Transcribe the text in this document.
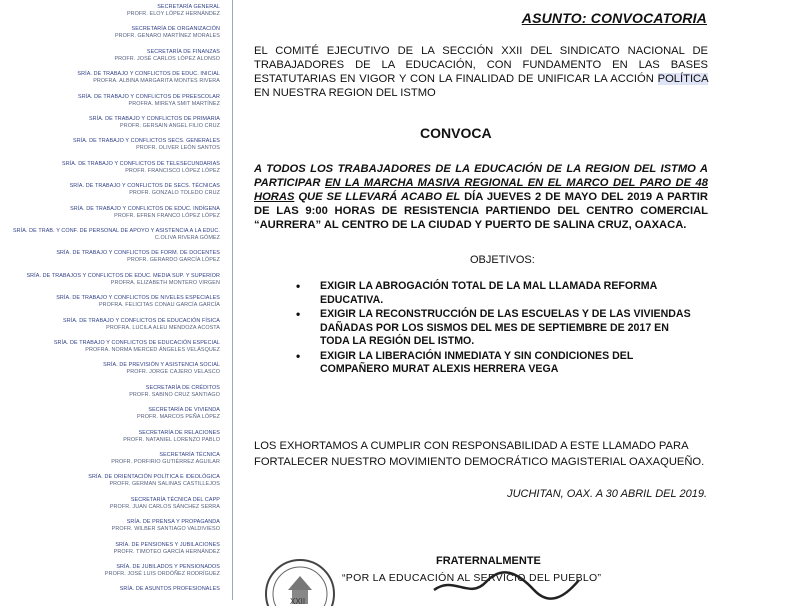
SECRETARÍA GENERAL
PROFR. ELOY LÓPEZ HERNÁNDEZ
SECRETARÍA DE ORGANIZACIÓN
PROFR. GENARO MARTÍNEZ MORALES
SECRETARÍA DE FINANZAS
PROFR. JOSÉ CARLOS LÓPEZ ALONSO
SRÍA. DE TRABAJO Y CONFLICTOS DE EDUC. INICIAL
PROFRA. ALBINA MARGARITA MONTES RIVERA
SRÍA. DE TRABAJO Y CONFLICTOS DE PREESCOLAR
PROFRA. MIREYA SMIT MARTÍNEZ
SRÍA. DE TRABAJO Y CONFLICTOS DE PRIMARIA
PROFR. GERSAIN ANGEL FILIO CRUZ
SRÍA. DE TRABAJO Y CONFLICTOS SECS. GENERALES
PROFR. OLIVER LEÓN SANTOS
SRÍA. DE TRABAJO Y CONFLICTOS DE TELESECUNDARIAS
PROFR. FRANCISCO LÓPEZ LÓPEZ
SRÍA. DE TRABAJO Y CONFLICTOS DE SECS. TÉCNICAS
PROFR. GONZALO TOLEDO CRUZ
SRÍA. DE TRABAJO Y CONFLICTOS DE EDUC. INDÍGENA
PROFR. EFREN FRANCO LÓPEZ LÓPEZ
SRÍA. DE TRAB. Y CONF. DE PERSONAL DE APOYO Y ASISTENCIA A LA EDUC.
C.OLIVA RIVERA GÓMEZ
SRÍA. DE TRABAJO Y CONFLICTOS DE FORM. DE DOCENTES
PROFR. GERARDO GARCÍA LÓPEZ
SRÍA. DE TRABAJOS Y CONFLICTOS DE EDUC. MEDIA SUP. Y SUPERIOR
PROFRA. ELIZABETH MONTERO VIRGEN
SRÍA. DE TRABAJO Y CONFLICTOS DE NIVELES ESPECIALES
PROFRA. FELICITAS CONAU GARCÍA GARCÍA
SRÍA. DE TRABAJO Y CONFLICTOS DE EDUCACIÓN FÍSICA
PROFRA. LUCILA ALEU MENDOZA ACOSTA
SRÍA. DE TRABAJO Y CONFLICTOS DE EDUCACIÓN ESPECIAL
PROFRA. NORMA MERCED ÁNGELES VELÁSQUEZ
SRÍA. DE PREVISIÓN Y ASISTENCIA SOCIAL
PROFR. JORGE CAJERO VELASCO
SECRETARÍA DE CRÉDITOS
PROFR. SABINO CRUZ SANTIAGO
SECRETARÍA DE VIVIENDA
PROFR. MARCOS PEÑA LÓPEZ
SECRETARÍA DE RELACIONES
PROFR. NATANIEL LORENZO PABLO
SECRETARÍA TÉCNICA
PROFR. PORFIRIO GUTIÉRREZ AGUILAR
SRÍA. DE ORIENTACIÓN POLÍTICA E IDEOLÓGICA
PROFR. GERMAN SALINAS CASTILLEJOS
SECRETARÍA TÉCNICA DEL CAPP
PROFR. JUAN CARLOS SÁNCHEZ SERRA
SRÍA. DE PRENSA Y PROPAGANDA
PROFR. WILBER SANTIAGO VALDIVIESO
SRÍA. DE PENSIONES Y JUBILACIONES
PROFR. TIMOTEO GARCÍA HERNÁNDEZ
SRÍA. DE JUBILADOS Y PENSIONADOS
PROFR. JOSÉ LUIS ORDÓÑEZ RODRÍGUEZ
SRÍA. DE ASUNTOS PROFESIONALES
ASUNTO: CONVOCATORIA
EL COMITÉ EJECUTIVO DE LA SECCIÓN XXII DEL SINDICATO NACIONAL DE TRABAJADORES DE LA EDUCACIÓN, CON FUNDAMENTO EN LAS BASES ESTATUTARIAS EN VIGOR Y CON LA FINALIDAD DE UNIFICAR LA ACCIÓN POLÍTICA EN NUESTRA REGION DEL ISTMO
CONVOCA
A TODOS LOS TRABAJADORES DE LA EDUCACIÓN DE LA REGION DEL ISTMO A PARTICIPAR EN LA MARCHA MASIVA REGIONAL EN EL MARCO DEL PARO DE 48 HORAS QUE SE LLEVARÁ ACABO EL DÍA JUEVES 2 DE MAYO DEL 2019 A PARTIR DE LAS 9:00 HORAS DE RESISTENCIA PARTIENDO DEL CENTRO COMERCIAL “AURRERA” AL CENTRO DE LA CIUDAD Y PUERTO DE SALINA CRUZ, OAXACA.
OBJETIVOS:
• EXIGIR LA ABROGACIÓN TOTAL DE LA MAL LLAMADA REFORMA EDUCATIVA.
• EXIGIR LA RECONSTRUCCIÓN DE LAS ESCUELAS Y DE LAS VIVIENDAS DAÑADAS POR LOS SISMOS DEL MES DE SEPTIEMBRE DE 2017 EN TODA LA REGIÓN DEL ISTMO.
• EXIGIR LA LIBERACIÓN INMEDIATA Y SIN CONDICIONES DEL COMPAÑERO MURAT ALEXIS HERRERA VEGA
LOS EXHORTAMOS A CUMPLIR CON RESPONSABILIDAD A ESTE LLAMADO PARA FORTALECER NUESTRO MOVIMIENTO DEMOCRÁTICO MAGISTERIAL OAXAQUEÑO.
JUCHITAN, OAX. A 30 ABRIL DEL 2019.
XXII
FRATERNALMENTE
“POR LA EDUCACIÓN AL SERVICIO DEL PUEBLO”
